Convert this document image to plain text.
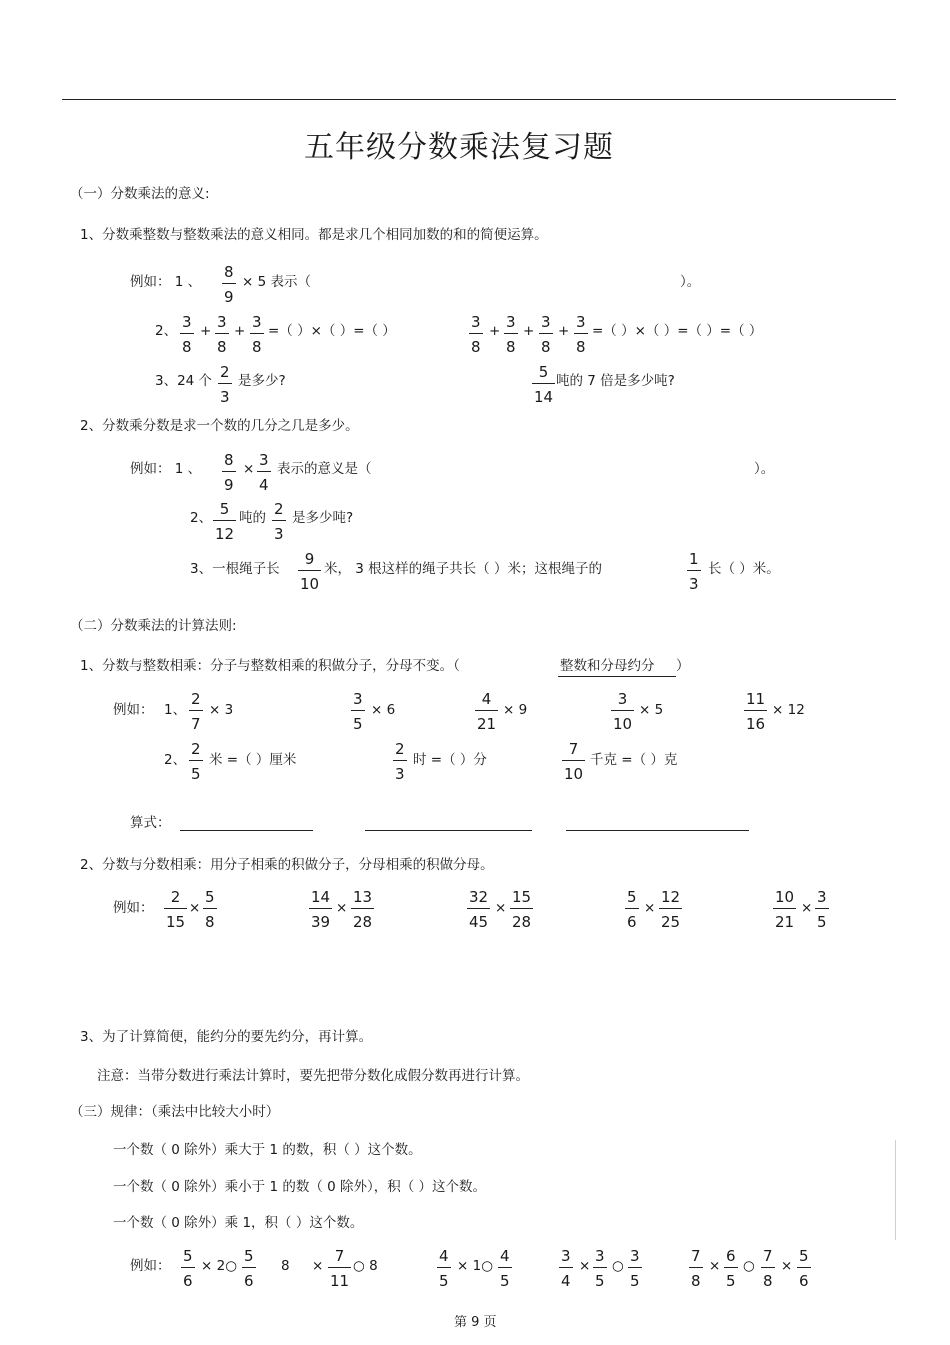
五年级分数乘法复习题
（一）分数乘法的意义:
1、分数乘整数与整数乘法的意义相同。都是求几个相同加数的和的简便运算。
例如： 1 、
8
9
× 5 表示（	）。
2、 3
8
+ 3
8
+ 3
8
=（ ）×（ ）=（ ）	3
8
+ 3
8
+ 3
8
+ 3
8
=（ ）×（ ）=（ ）=（ ）
3、24 个 2
3
是多少?	5
14
吨的 7 倍是多少吨?
2、分数乘分数是求一个数的几分之几是多少。
例如： 1 、 8
9
× 3
4
表示的意义是（	）。
2、 5
12
吨的 2
3
是多少吨?
3、一根绳子长
9
10
米， 3 根这样的绳子共长（ ）米；这根绳子的
1
3
长（ ）米。
（二）分数乘法的计算法则:
1、分数与整数相乘：分子与整数相乘的积做分子，分母不变。（	整数和分母约分 ）
例如： 1、
2
7
× 3
3
5
× 6
4
21
× 9
3
10
× 5
11
16
× 12
2、
2
5
米 =（ ）厘米
2
3
时 =（ ）分
7
10
千克 =（ ）克
算式：
2、分数与分数相乘：用分子相乘的积做分子，分母相乘的积做分母。
例如：
2
15
×
5
8
14
39
×
13
28
32
45
×
15
28
5
6
×
12
25
10
21
×
3
5
3、为了计算简便，能约分的要先约分，再计算。
注意：当带分数进行乘法计算时，要先把带分数化成假分数再进行计算。
（三）规律：（乘法中比较大小时）
一个数（ 0 除外）乘大于 1 的数，积（ ）这个数。
一个数（ 0 除外）乘小于 1 的数（ 0 除外），积（ ）这个数。
一个数（ 0 除外）乘 1，积（ ）这个数。
例如：
5
6
× 2○
5
6
8 ×
7
11
○ 8
4
5
× 1○
4
5
3
4
×
3
5
○
3
5
7
8
×
6
5
○
7
8
×
5
6
第 9 页
